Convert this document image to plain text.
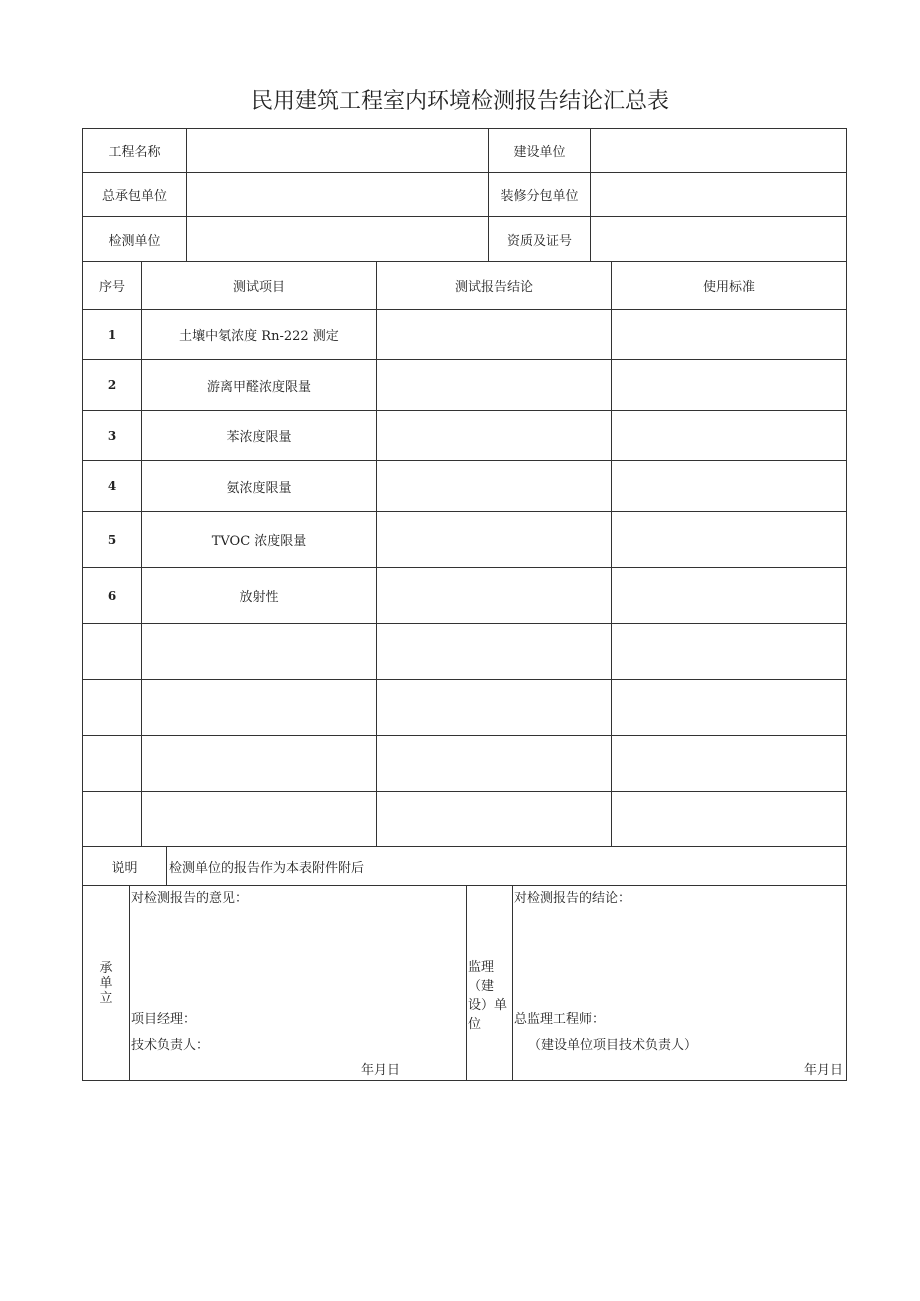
民用建筑工程室内环境检测报告结论汇总表
工程名称		建设单位	
总承包单位		装修分包单位	
检测单位		资质及证号	
序号	测试项目	测试报告结论	使用标准
1	土壤中氡浓度 Rn-222 测定		
2	游离甲醛浓度限量		
3	苯浓度限量		
4	氨浓度限量		
5	TVOC 浓度限量		
6	放射性		

说明	检测单位的报告作为本表附件附后
承
单
立

对检测报告的意见：
项目经理：
技术负责人：
年月日

监理
（建
设）单
位

对检测报告的结论：
总监理工程师：
（建设单位项目技术负责人）
年月日
